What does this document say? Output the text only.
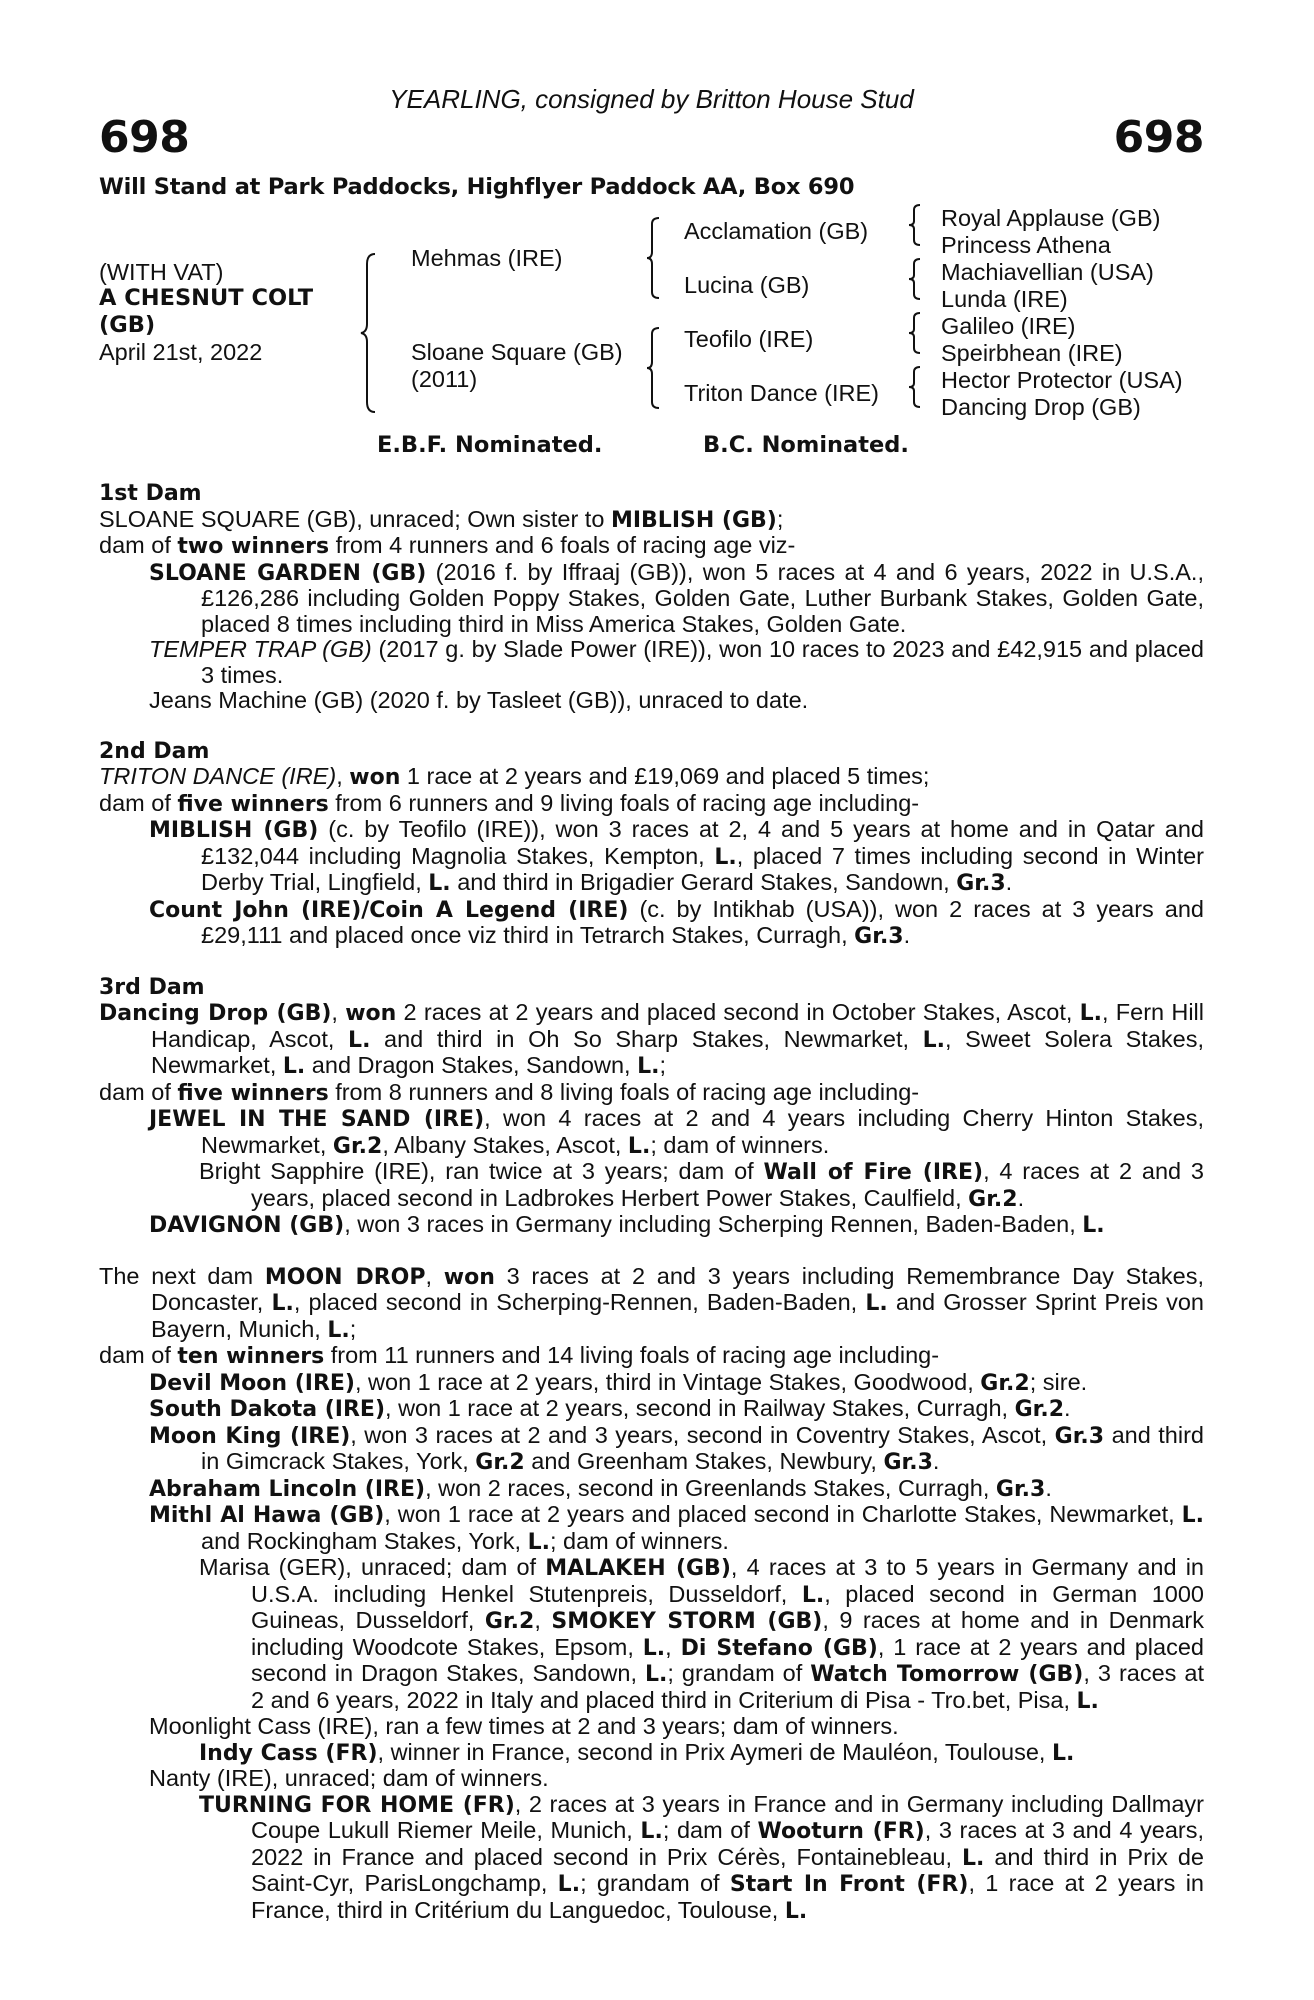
YEARLING, consigned by Britton House Stud
698	698
Will Stand at Park Paddocks, Highflyer Paddock AA, Box 690
(WITH VAT)
A CHESNUT COLT
(GB)
April 21st, 2022
Mehmas (IRE)
Sloane Square (GB)
(2011)
Acclamation (GB)
Lucina (GB)
Teofilo (IRE)
Triton Dance (IRE)
Royal Applause (GB)
Princess Athena
Machiavellian (USA)
Lunda (IRE)
Galileo (IRE)
Speirbhean (IRE)
Hector Protector (USA)
Dancing Drop (GB)
E.B.F. Nominated.	B.C. Nominated.

1st Dam

SLOANE SQUARE (GB), unraced; Own sister to MIBLISH (GB);

dam of two winners from 4 runners and 6 foals of racing age viz-

SLOANE GARDEN (GB) (2016 f. by Iffraaj (GB)), won 5 races at 4 and 6 years, 2022 in U.S.A., £126,286 including Golden Poppy Stakes, Golden Gate, Luther Burbank Stakes, Golden Gate, placed 8 times including third in Miss America Stakes, Golden Gate.

TEMPER TRAP (GB) (2017 g. by Slade Power (IRE)), won 10 races to 2023 and £42,915 and placed 3 times.

Jeans Machine (GB) (2020 f. by Tasleet (GB)), unraced to date.

2nd Dam

TRITON DANCE (IRE), won 1 race at 2 years and £19,069 and placed 5 times;

dam of five winners from 6 runners and 9 living foals of racing age including-

MIBLISH (GB) (c. by Teofilo (IRE)), won 3 races at 2, 4 and 5 years at home and in Qatar and £132,044 including Magnolia Stakes, Kempton, L., placed 7 times including second in Winter Derby Trial, Lingfield, L. and third in Brigadier Gerard Stakes, Sandown, Gr.3.

Count John (IRE)/Coin A Legend (IRE) (c. by Intikhab (USA)), won 2 races at 3 years and £29,111 and placed once viz third in Tetrarch Stakes, Curragh, Gr.3.

3rd Dam

Dancing Drop (GB), won 2 races at 2 years and placed second in October Stakes, Ascot, L., Fern Hill Handicap, Ascot, L. and third in Oh So Sharp Stakes, Newmarket, L., Sweet Solera Stakes, Newmarket, L. and Dragon Stakes, Sandown, L.;

dam of five winners from 8 runners and 8 living foals of racing age including-

JEWEL IN THE SAND (IRE), won 4 races at 2 and 4 years including Cherry Hinton Stakes, Newmarket, Gr.2, Albany Stakes, Ascot, L.; dam of winners.

Bright Sapphire (IRE), ran twice at 3 years; dam of Wall of Fire (IRE), 4 races at 2 and 3 years, placed second in Ladbrokes Herbert Power Stakes, Caulfield, Gr.2.

DAVIGNON (GB), won 3 races in Germany including Scherping Rennen, Baden-Baden, L.

The next dam MOON DROP, won 3 races at 2 and 3 years including Remembrance Day Stakes, Doncaster, L., placed second in Scherping-Rennen, Baden-Baden, L. and Grosser Sprint Preis von Bayern, Munich, L.;

dam of ten winners from 11 runners and 14 living foals of racing age including-

Devil Moon (IRE), won 1 race at 2 years, third in Vintage Stakes, Goodwood, Gr.2; sire.

South Dakota (IRE), won 1 race at 2 years, second in Railway Stakes, Curragh, Gr.2.

Moon King (IRE), won 3 races at 2 and 3 years, second in Coventry Stakes, Ascot, Gr.3 and third in Gimcrack Stakes, York, Gr.2 and Greenham Stakes, Newbury, Gr.3.

Abraham Lincoln (IRE), won 2 races, second in Greenlands Stakes, Curragh, Gr.3.

Mithl Al Hawa (GB), won 1 race at 2 years and placed second in Charlotte Stakes, Newmarket, L. and Rockingham Stakes, York, L.; dam of winners.

Marisa (GER), unraced; dam of MALAKEH (GB), 4 races at 3 to 5 years in Germany and in U.S.A. including Henkel Stutenpreis, Dusseldorf, L., placed second in German 1000 Guineas, Dusseldorf, Gr.2, SMOKEY STORM (GB), 9 races at home and in Denmark including Woodcote Stakes, Epsom, L., Di Stefano (GB), 1 race at 2 years and placed second in Dragon Stakes, Sandown, L.; grandam of Watch Tomorrow (GB), 3 races at 2 and 6 years, 2022 in Italy and placed third in Criterium di Pisa - Tro.bet, Pisa, L.

Moonlight Cass (IRE), ran a few times at 2 and 3 years; dam of winners.

Indy Cass (FR), winner in France, second in Prix Aymeri de Mauléon, Toulouse, L.

Nanty (IRE), unraced; dam of winners.

TURNING FOR HOME (FR), 2 races at 3 years in France and in Germany including Dallmayr Coupe Lukull Riemer Meile, Munich, L.; dam of Wooturn (FR), 3 races at 3 and 4 years, 2022 in France and placed second in Prix Cérès, Fontainebleau, L. and third in Prix de Saint-Cyr, ParisLongchamp, L.; grandam of Start In Front (FR), 1 race at 2 years in France, third in Critérium du Languedoc, Toulouse, L.
